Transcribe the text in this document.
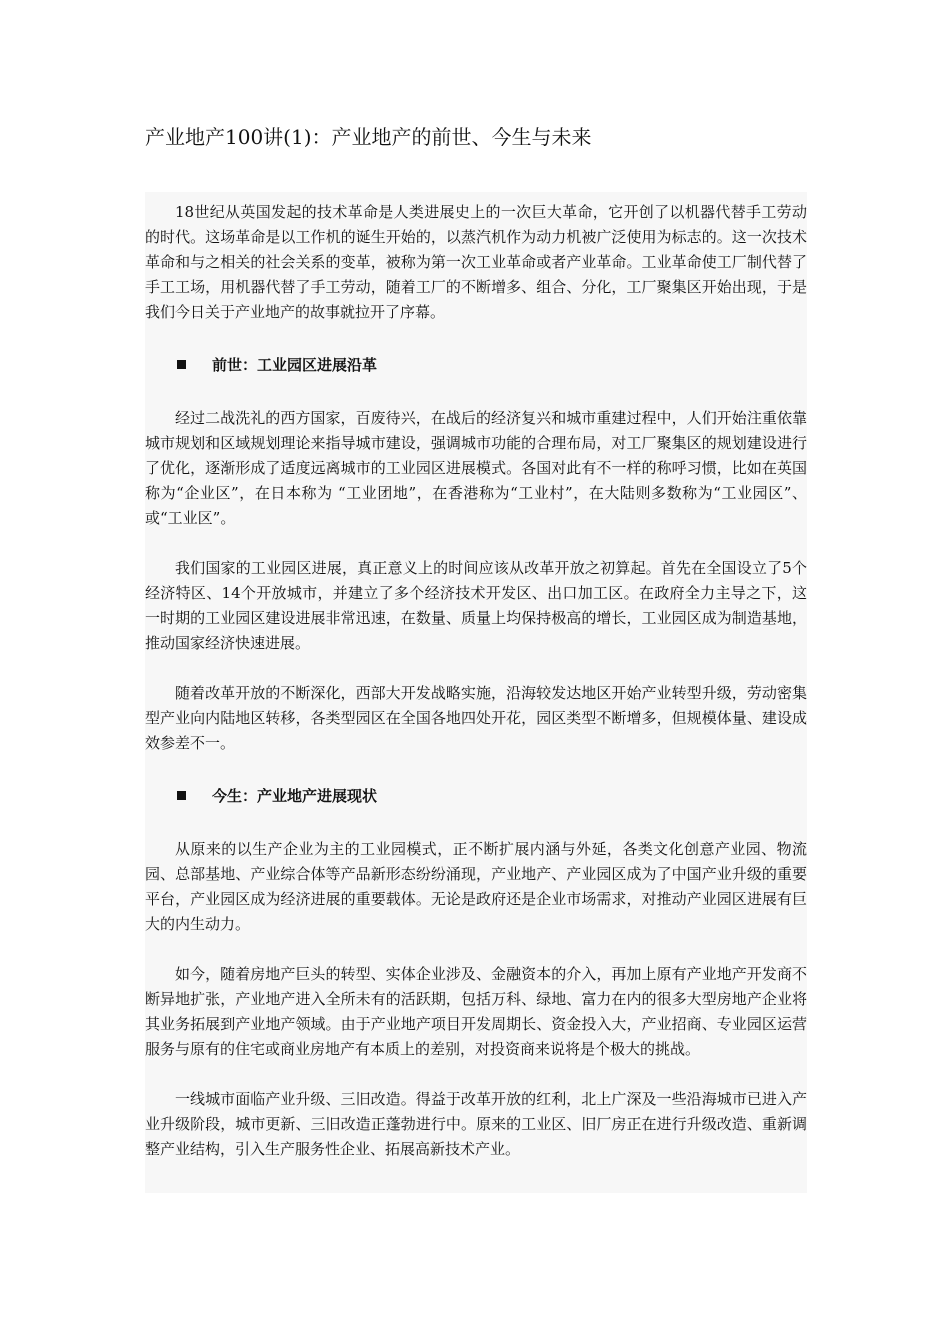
产业地产100讲(1)：产业地产的前世、今生与未来

18世纪从英国发起的技术革命是人类进展史上的一次巨大革命，它开创了以机器代替手工劳动的时代。这场革命是以工作机的诞生开始的，以蒸汽机作为动力机被广泛使用为标志的。这一次技术革命和与之相关的社会关系的变革，被称为第一次工业革命或者产业革命。工业革命使工厂制代替了手工工场，用机器代替了手工劳动，随着工厂的不断增多、组合、分化，工厂聚集区开始出现，于是我们今日关于产业地产的故事就拉开了序幕。

前世：工业园区进展沿革

经过二战洗礼的西方国家，百废待兴，在战后的经济复兴和城市重建过程中，人们开始注重依靠城市规划和区域规划理论来指导城市建设，强调城市功能的合理布局，对工厂聚集区的规划建设进行了优化，逐渐形成了适度远离城市的工业园区进展模式。各国对此有不一样的称呼习惯，比如在英国称为“企业区”，在日本称为 “工业团地”，在香港称为“工业村”，在大陆则多数称为“工业园区”、或“工业区”。

我们国家的工业园区进展，真正意义上的时间应该从改革开放之初算起。首先在全国设立了5个经济特区、14个开放城市，并建立了多个经济技术开发区、出口加工区。在政府全力主导之下，这一时期的工业园区建设进展非常迅速，在数量、质量上均保持极高的增长，工业园区成为制造基地，推动国家经济快速进展。

随着改革开放的不断深化，西部大开发战略实施，沿海较发达地区开始产业转型升级，劳动密集型产业向内陆地区转移，各类型园区在全国各地四处开花，园区类型不断增多，但规模体量、建设成效参差不一。

今生：产业地产进展现状

从原来的以生产企业为主的工业园模式，正不断扩展内涵与外延，各类文化创意产业园、物流园、总部基地、产业综合体等产品新形态纷纷涌现，产业地产、产业园区成为了中国产业升级的重要平台，产业园区成为经济进展的重要载体。无论是政府还是企业市场需求，对推动产业园区进展有巨大的内生动力。

如今，随着房地产巨头的转型、实体企业涉及、金融资本的介入，再加上原有产业地产开发商不断异地扩张，产业地产进入全所未有的活跃期，包括万科、绿地、富力在内的很多大型房地产企业将其业务拓展到产业地产领域。由于产业地产项目开发周期长、资金投入大，产业招商、专业园区运营服务与原有的住宅或商业房地产有本质上的差别，对投资商来说将是个极大的挑战。

一线城市面临产业升级、三旧改造。得益于改革开放的红利，北上广深及一些沿海城市已进入产业升级阶段，城市更新、三旧改造正蓬勃进行中。原来的工业区、旧厂房正在进行升级改造、重新调整产业结构，引入生产服务性企业、拓展高新技术产业。
